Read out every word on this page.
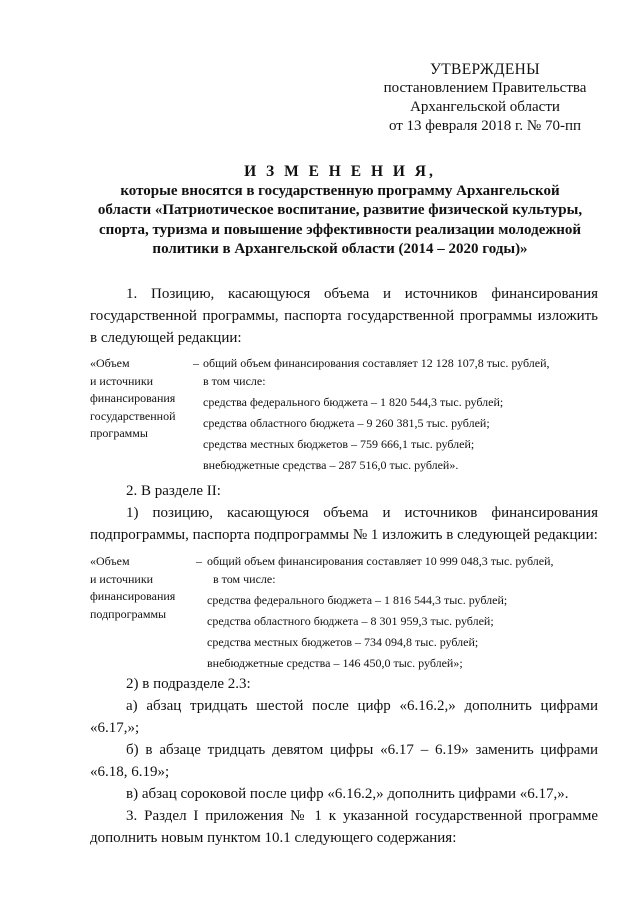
УТВЕРЖДЕНЫ
постановлением Правительства
Архангельской области
от 13 февраля 2018 г. № 70-пп
И З М Е Н Е Н И Я,
которые вносятся в государственную программу Архангельской
области «Патриотическое воспитание, развитие физической культуры,
спорта, туризма и повышение эффективности реализации молодежной
политики в Архангельской области (2014 – 2020 годы)»
1. Позицию, касающуюся объема и источников финансирования
государственной программы, паспорта государственной программы изложить
в следующей редакции:
«Объем
и источники
финансирования
государственной
программы
– общий объем финансирования составляет 12 128 107,8 тыс. рублей,
в том числе:
средства федерального бюджета – 1 820 544,3 тыс. рублей;
средства областного бюджета – 9 260 381,5 тыс. рублей;
средства местных бюджетов – 759 666,1 тыс. рублей;
внебюджетные средства – 287 516,0 тыс. рублей».
2. В разделе II:
1) позицию, касающуюся объема и источников финансирования
подпрограммы, паспорта подпрограммы № 1 изложить в следующей редакции:
«Объем
и источники
финансирования
подпрограммы
– общий объем финансирования составляет 10 999 048,3 тыс. рублей,
в том числе:
средства федерального бюджета – 1 816 544,3 тыс. рублей;
средства областного бюджета – 8 301 959,3 тыс. рублей;
средства местных бюджетов – 734 094,8 тыс. рублей;
внебюджетные средства – 146 450,0 тыс. рублей»;
2) в подразделе 2.3:
а) абзац тридцать шестой после цифр «6.16.2,» дополнить цифрами
«6.17,»;
б) в абзаце тридцать девятом цифры «6.17 – 6.19» заменить цифрами
«6.18, 6.19»;
в) абзац сороковой после цифр «6.16.2,» дополнить цифрами «6.17,».
3. Раздел I приложения № 1 к указанной государственной программе
дополнить новым пунктом 10.1 следующего содержания:
